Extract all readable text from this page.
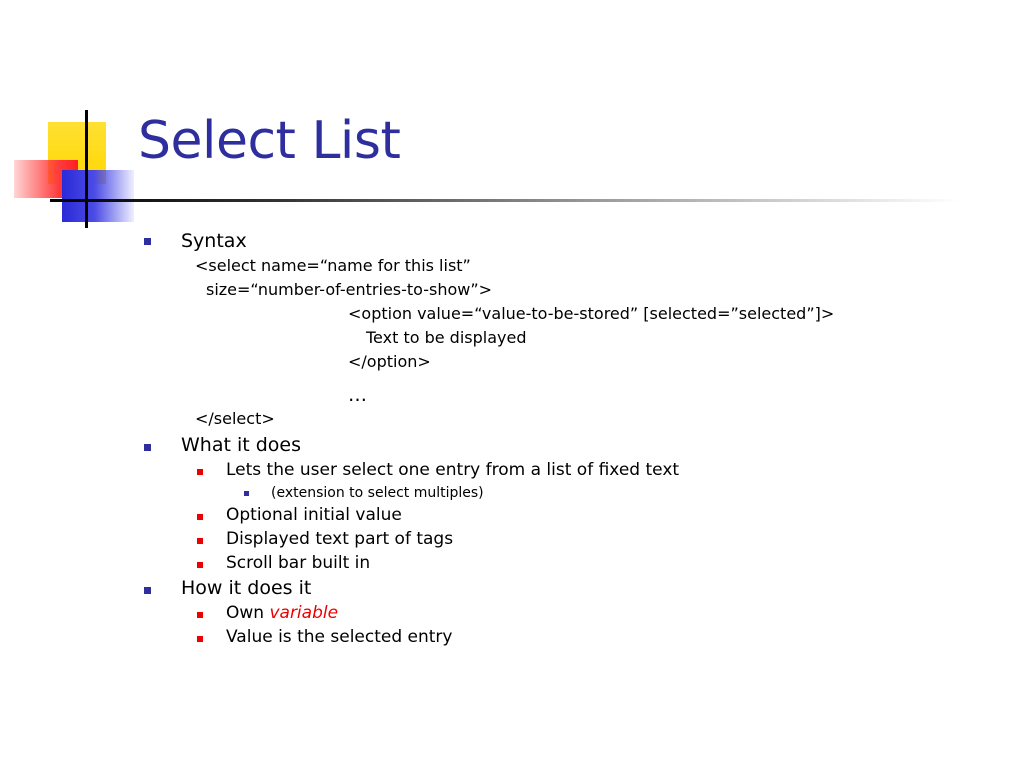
Select List
Syntax
<select name=“name for this list”
size=“number-of-entries-to-show”>
<option value=“value-to-be-stored” [selected=”selected”]>
Text to be displayed
</option>
…
</select>
What it does
Lets the user select one entry from a list of fixed text
(extension to select multiples)
Optional initial value
Displayed text part of tags
Scroll bar built in
How it does it
Own variable
Value is the selected entry
